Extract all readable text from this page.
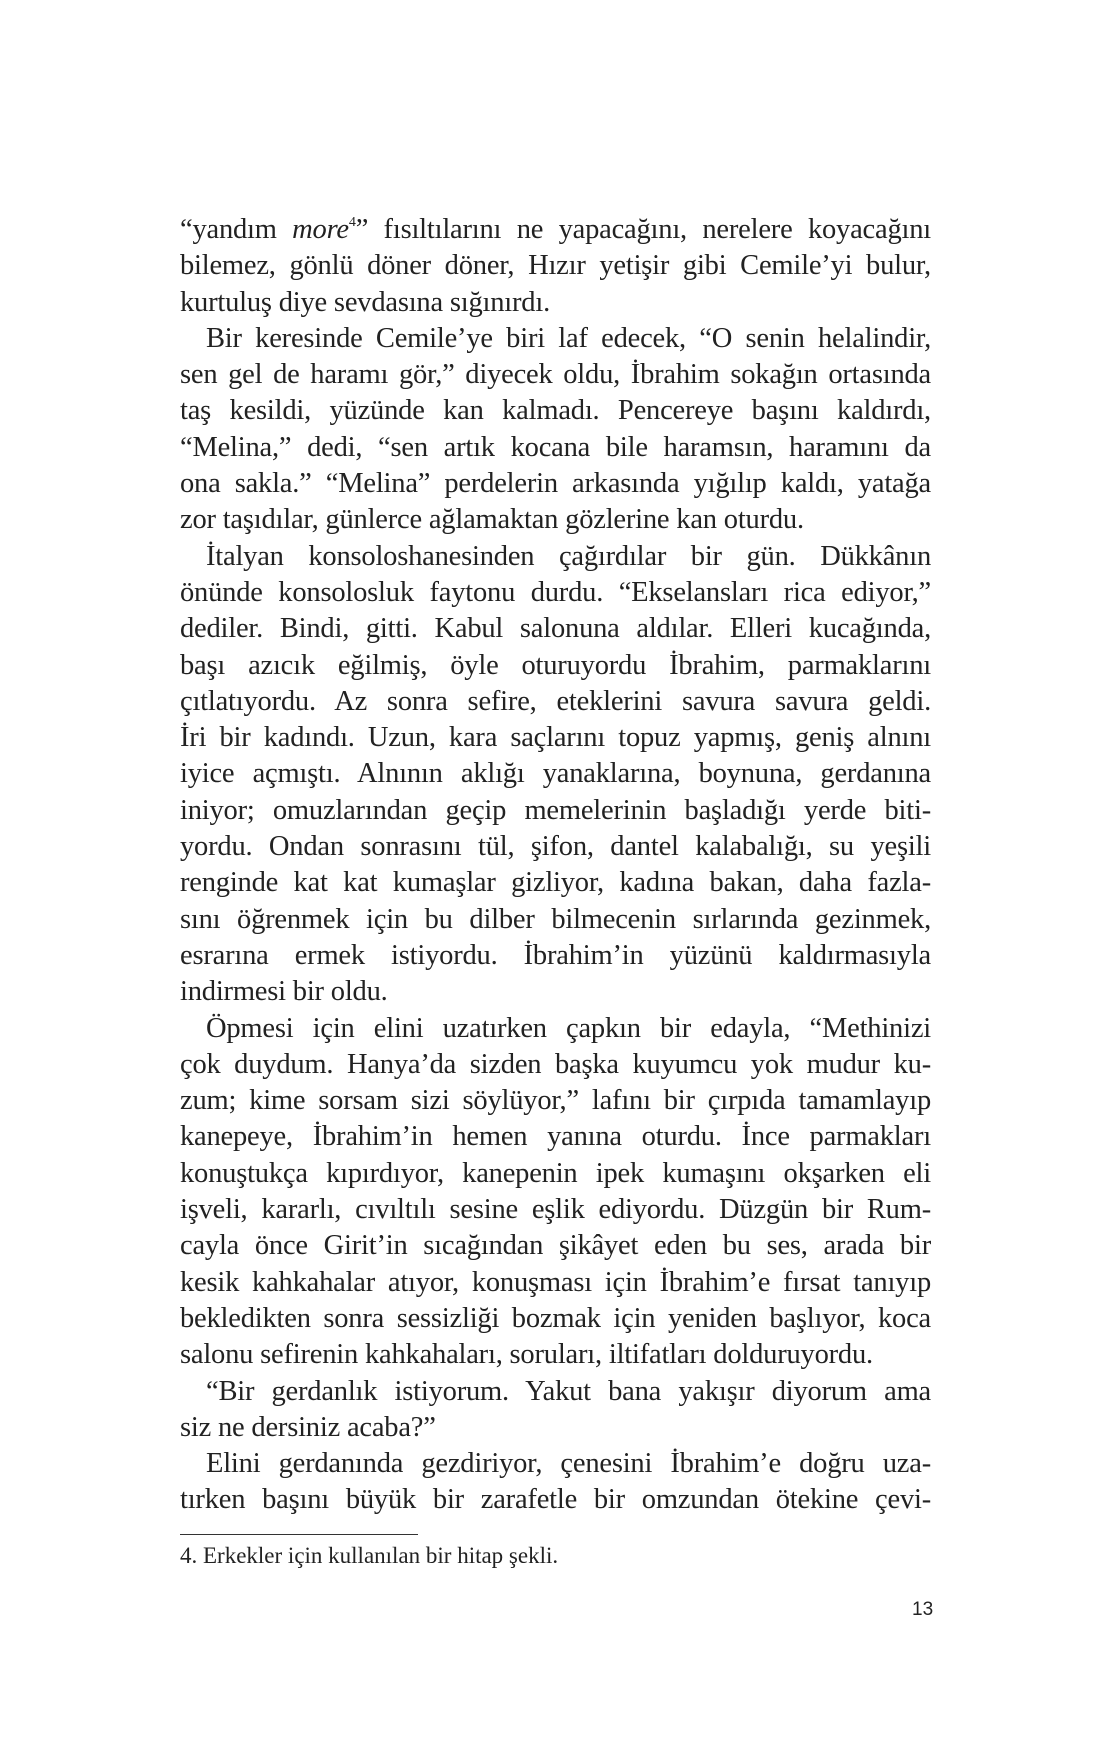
“yandım more$^4$” fısıltılarını ne yapacağını, nerelere koyacağını
bilemez, gönlü döner döner, Hızır yetişir gibi Cemile’yi bulur,
kurtuluş diye sevdasına sığınırdı.
Bir keresinde Cemile’ye biri laf edecek, “O senin helalindir,
sen gel de haramı gör,” diyecek oldu, İbrahim sokağın ortasında
taş kesildi, yüzünde kan kalmadı. Pencereye başını kaldırdı,
“Melina,” dedi, “sen artık kocana bile haramsın, haramını da
ona sakla.” “Melina” perdelerin arkasında yığılıp kaldı, yatağa
zor taşıdılar, günlerce ağlamaktan gözlerine kan oturdu.
İtalyan konsoloshanesinden çağırdılar bir gün. Dükkânın
önünde konsolosluk faytonu durdu. “Ekselansları rica ediyor,”
dediler. Bindi, gitti. Kabul salonuna aldılar. Elleri kucağında,
başı azıcık eğilmiş, öyle oturuyordu İbrahim, parmaklarını
çıtlatıyordu. Az sonra sefire, eteklerini savura savura geldi.
İri bir kadındı. Uzun, kara saçlarını topuz yapmış, geniş alnını
iyice açmıştı. Alnının aklığı yanaklarına, boynuna, gerdanına
iniyor; omuzlarından geçip memelerinin başladığı yerde biti-
yordu. Ondan sonrasını tül, şifon, dantel kalabalığı, su yeşili
renginde kat kat kumaşlar gizliyor, kadına bakan, daha fazla-
sını öğrenmek için bu dilber bilmecenin sırlarında gezinmek,
esrarına ermek istiyordu. İbrahim’in yüzünü kaldırmasıyla
indirmesi bir oldu.
Öpmesi için elini uzatırken çapkın bir edayla, “Methinizi
çok duydum. Hanya’da sizden başka kuyumcu yok mudur ku-
zum; kime sorsam sizi söylüyor,” lafını bir çırpıda tamamlayıp
kanepeye, İbrahim’in hemen yanına oturdu. İnce parmakları
konuştukça kıpırdıyor, kanepenin ipek kumaşını okşarken eli
işveli, kararlı, cıvıltılı sesine eşlik ediyordu. Düzgün bir Rum-
cayla önce Girit’in sıcağından şikâyet eden bu ses, arada bir
kesik kahkahalar atıyor, konuşması için İbrahim’e fırsat tanıyıp
bekledikten sonra sessizliği bozmak için yeniden başlıyor, koca
salonu sefirenin kahkahaları, soruları, iltifatları dolduruyordu.
“Bir gerdanlık istiyorum. Yakut bana yakışır diyorum ama
siz ne dersiniz acaba?”
Elini gerdanında gezdiriyor, çenesini İbrahim’e doğru uza-
tırken başını büyük bir zarafetle bir omzundan ötekine çevi-
4. Erkekler için kullanılan bir hitap şekli.
13
